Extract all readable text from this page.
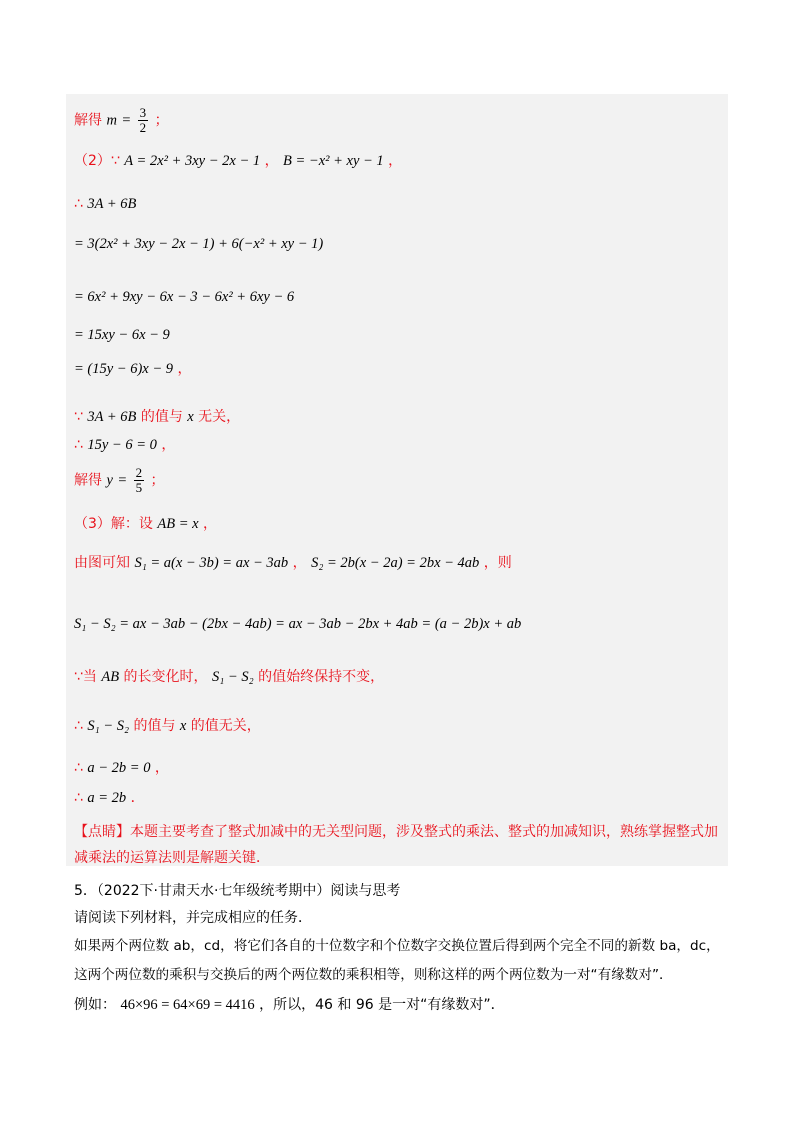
解得 $m = \frac{3}{2}$ ；
（2）∵ A = 2x² + 3xy − 2x − 1 ， B = −x² + xy − 1 ，
∴ 3A + 6B
= 3(2x² + 3xy − 2x − 1) + 6(−x² + xy − 1)
= 6x² + 9xy − 6x − 3 − 6x² + 6xy − 6
= 15xy − 6x − 9
= (15y − 6)x − 9 ，
∵ 3A + 6B 的值与 x 无关，
∴ 15y − 6 = 0 ，
解得 $y = \frac{2}{5}$ ；
（3）解：设 AB = x ，
由图可知 S₁ = a(x − 3b) = ax − 3ab ， S₂ = 2b(x − 2a) = 2bx − 4ab ，则
S₁ − S₂ = ax − 3ab − (2bx − 4ab) = ax − 3ab − 2bx + 4ab = (a − 2b)x + ab
∵当 AB 的长变化时， S₁ − S₂ 的值始终保持不变，
∴ S₁ − S₂ 的值与 x 的值无关，
∴ a − 2b = 0 ，
∴ a = 2b ．
【点睛】本题主要考查了整式加减中的无关型问题，涉及整式的乘法、整式的加减知识，熟练掌握整式加
减乘法的运算法则是解题关键．
5．（2022下·甘肃天水·七年级统考期中）阅读与思考
请阅读下列材料，并完成相应的任务．
如果两个两位数 ab，cd，将它们各自的十位数字和个位数字交换位置后得到两个完全不同的新数 ba，dc，
这两个两位数的乘积与交换后的两个两位数的乘积相等，则称这样的两个两位数为一对“有缘数对”．
例如： 46×96 = 64×69 = 4416 ，所以，46 和 96 是一对“有缘数对”．
